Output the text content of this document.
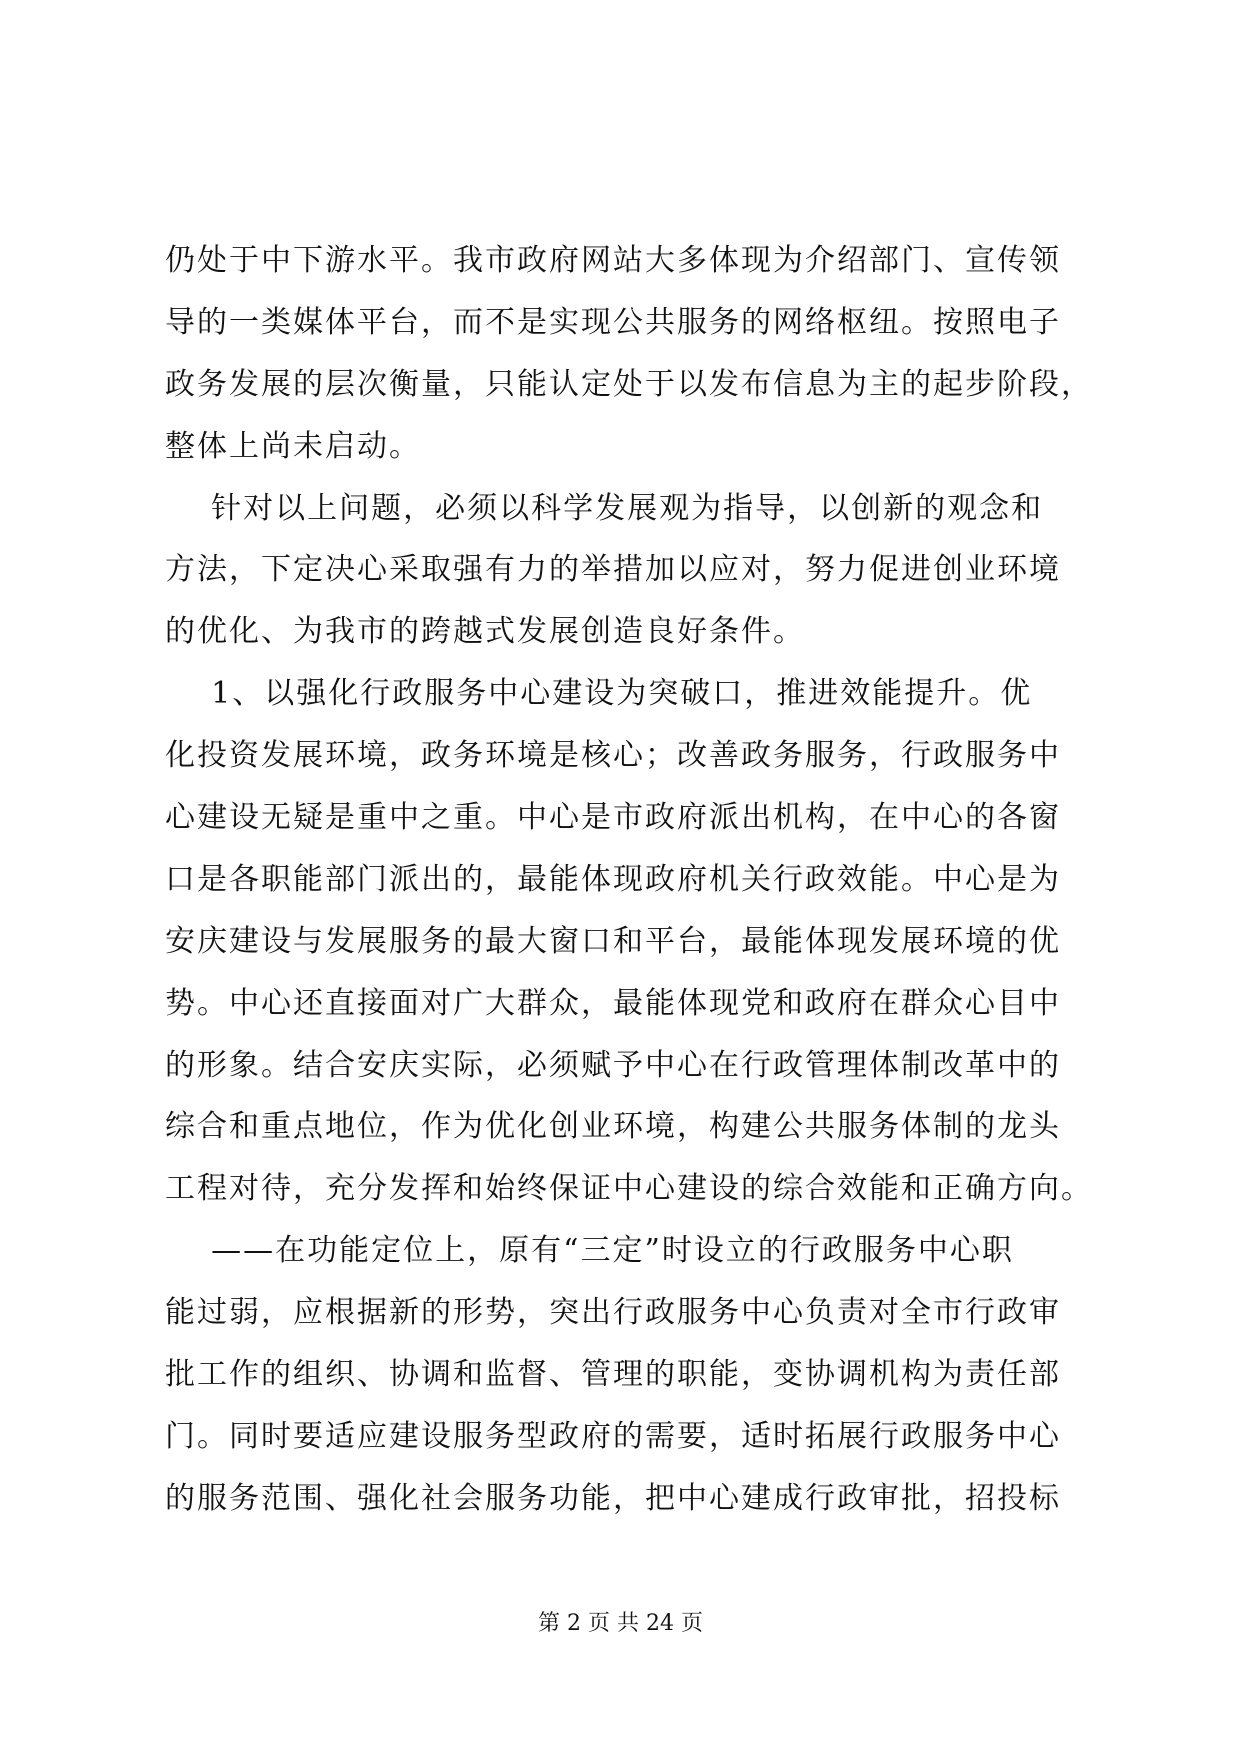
仍处于中下游水平。我市政府网站大多体现为介绍部门、宣传领
导的一类媒体平台，而不是实现公共服务的网络枢纽。按照电子
政务发展的层次衡量，只能认定处于以发布信息为主的起步阶段，
整体上尚未启动。
针对以上问题，必须以科学发展观为指导，以创新的观念和
方法，下定决心采取强有力的举措加以应对，努力促进创业环境
的优化、为我市的跨越式发展创造良好条件。
1、以强化行政服务中心建设为突破口，推进效能提升。优
化投资发展环境，政务环境是核心；改善政务服务，行政服务中
心建设无疑是重中之重。中心是市政府派出机构，在中心的各窗
口是各职能部门派出的，最能体现政府机关行政效能。中心是为
安庆建设与发展服务的最大窗口和平台，最能体现发展环境的优
势。中心还直接面对广大群众，最能体现党和政府在群众心目中
的形象。结合安庆实际，必须赋予中心在行政管理体制改革中的
综合和重点地位，作为优化创业环境，构建公共服务体制的龙头
工程对待，充分发挥和始终保证中心建设的综合效能和正确方向。
——在功能定位上，原有“三定”时设立的行政服务中心职
能过弱，应根据新的形势，突出行政服务中心负责对全市行政审
批工作的组织、协调和监督、管理的职能，变协调机构为责任部
门。同时要适应建设服务型政府的需要，适时拓展行政服务中心
的服务范围、强化社会服务功能，把中心建成行政审批，招投标
第 2 页 共 24 页
